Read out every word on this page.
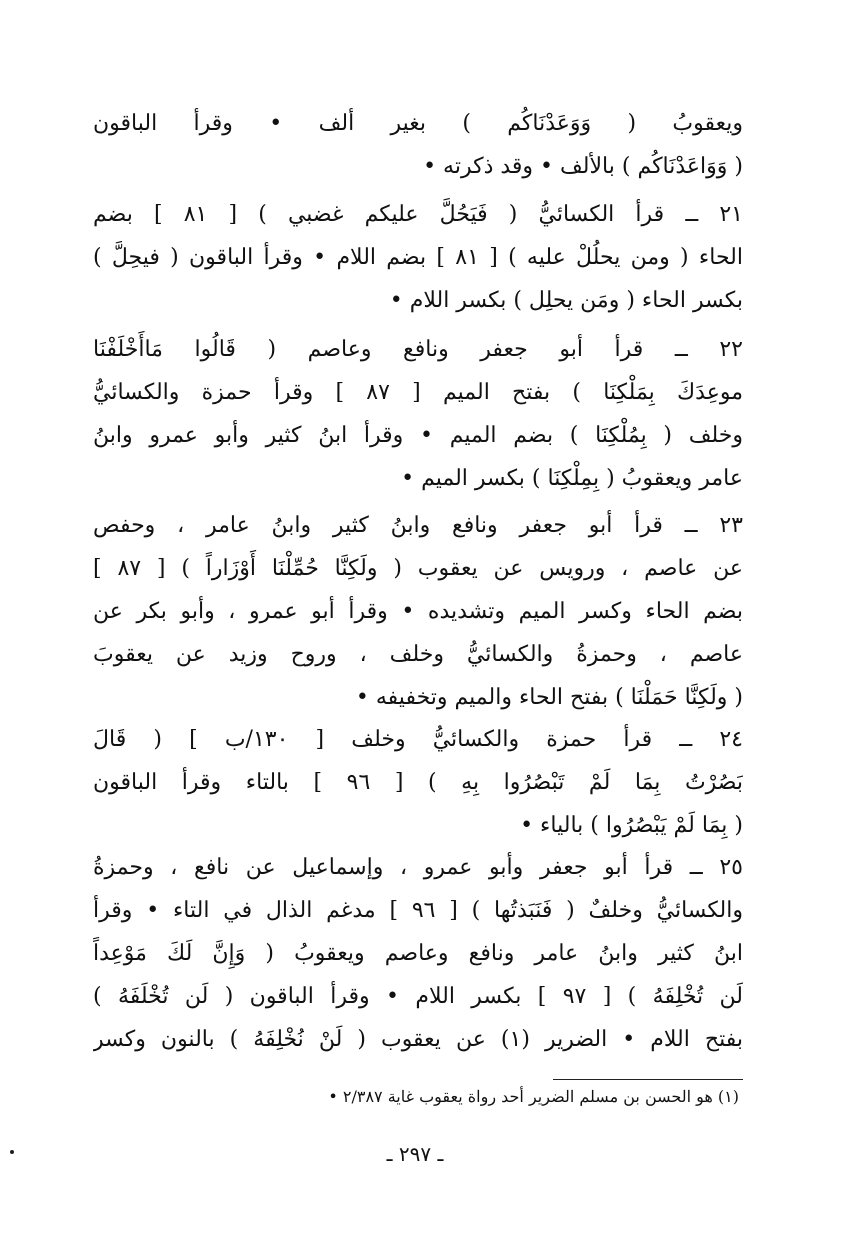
ويعقوبُ ( وَوَعَدْنَاكُم ) بغير ألف • وقرأ الباقون
( وَوَاعَدْنَاكُم ) بالألف • وقد ذكرته •
٢١ ــ قرأ الكسائيُّ ( فَيَحُلَّ عليكم غضبي ) [ ٨١ ] بضم
الحاء ( ومن يحلُلْ عليه ) [ ٨١ ] بضم اللام • وقرأ الباقون ( فيحِلَّ )
بكسر الحاء ( ومَن يحلِل ) بكسر اللام •
٢٢ ــ قرأ أبو جعفر ونافع وعاصم ( قَالُوا مَاأَخْلَفْنَا
موعِدَكَ بِمَلْكِنَا ) بفتح الميم [ ٨٧ ] وقرأ حمزة والكسائيُّ
وخلف ( بِمُلْكِنَا ) بضم الميم • وقرأ ابنُ كثير وأبو عمرو وابنُ
عامر ويعقوبُ ( بِمِلْكِنَا ) بكسر الميم •
٢٣ ــ قرأ أبو جعفر ونافع وابنُ كثير وابنُ عامر ، وحفص
عن عاصم ، ورويس عن يعقوب ( ولَكِنَّا حُمِّلْنَا أَوْزَاراً ) [ ٨٧ ]
بضم الحاء وكسر الميم وتشديده • وقرأ أبو عمرو ، وأبو بكر عن
عاصم ، وحمزةُ والكسائيُّ وخلف ، وروح وزيد عن يعقوبَ
( ولَكِنَّا حَمَلْنَا ) بفتح الحاء والميم وتخفيفه •
٢٤ ــ قرأ حمزة والكسائيُّ وخلف [ ١٣٠/ب ] ( قَالَ
بَصُرْتُ بِمَا لَمْ تَبْصُرُوا بِهِ ) [ ٩٦ ] بالتاء وقرأ الباقون
( بِمَا لَمْ يَبْصُرُوا ) بالياء •
٢٥ ــ قرأ أبو جعفر وأبو عمرو ، وإسماعيل عن نافع ، وحمزةُ
والكسائيُّ وخلفٌ ( فَنَبَذتُها ) [ ٩٦ ] مدغم الذال في التاء • وقرأ
ابنُ كثير وابنُ عامر ونافع وعاصم ويعقوبُ ( وَإِنَّ لَكَ مَوْعِداً
لَن تُخْلِفَهُ ) [ ٩٧ ] بكسر اللام • وقرأ الباقون ( لَن تُخْلَفَهُ )
بفتح اللام • الضرير (١) عن يعقوب ( لَنْ نُخْلِفَهُ ) بالنون وكسر
(١) هو الحسن بن مسلم الضرير أحد رواة يعقوب غاية ٢/٣٨٧ •
ـ ٢٩٧ ـ
